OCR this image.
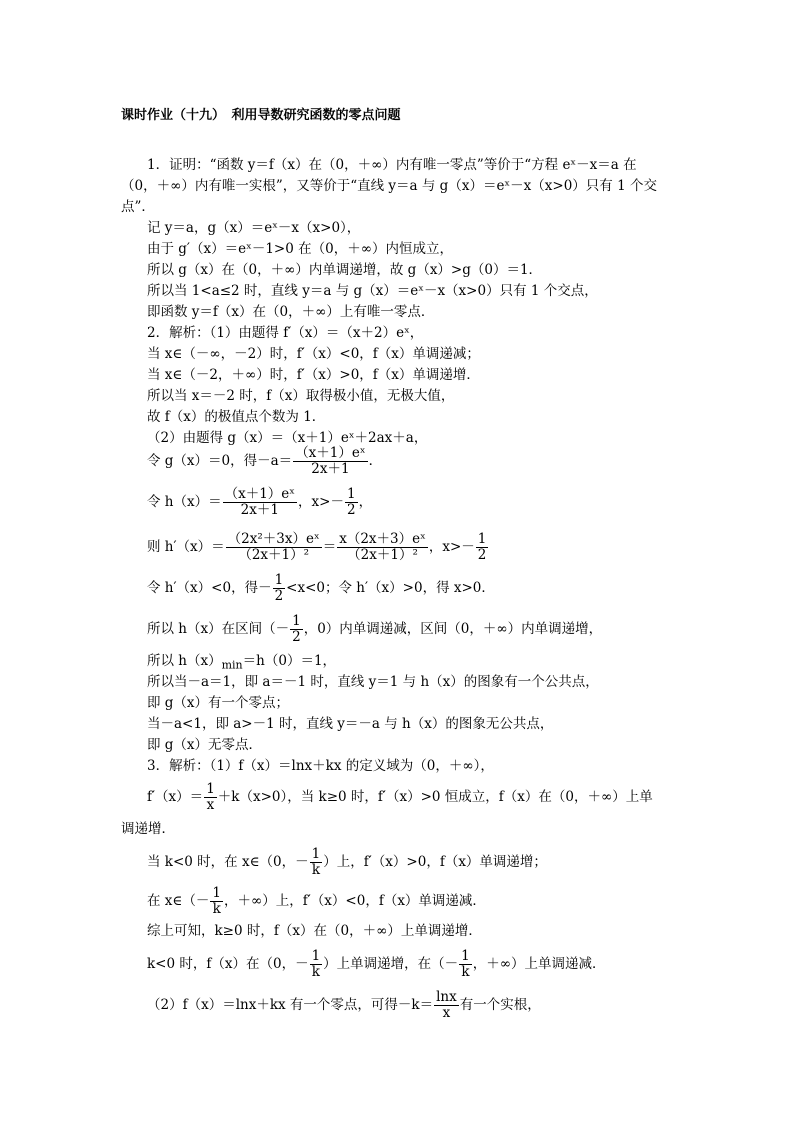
课时作业（十九）　利用导数研究函数的零点问题
1．证明：“函数 y＝f（x）在（0，＋∞）内有唯一零点”等价于“方程 eˣ－x＝a 在
（0，＋∞）内有唯一实根”，又等价于“直线 y＝a 与 g（x）＝eˣ－x（x>0）只有 1 个交
点”．
记 y＝a，g（x）＝eˣ－x（x>0），
由于 g′（x）＝eˣ－1>0 在（0，＋∞）内恒成立，
所以 g（x）在（0，＋∞）内单调递增，故 g（x）>g（0）＝1．
所以当 1<a≤2 时，直线 y＝a 与 g（x）＝eˣ－x（x>0）只有 1 个交点，
即函数 y＝f（x）在（0，＋∞）上有唯一零点．
2．解析：（1）由题得 f′（x）＝（x＋2）eˣ，
当 x∈（－∞，－2）时，f′（x）<0，f（x）单调递减；
当 x∈（－2，＋∞）时，f′（x）>0，f（x）单调递增．
所以当 x＝－2 时，f（x）取得极小值，无极大值，
故 f（x）的极值点个数为 1．
（2）由题得 g（x）＝（x＋1）eˣ＋2ax＋a，
令 g（x）＝0，得$-a= \frac{\text{（x＋1）eˣ}}{2x+1}$ ．
令 $h(x)= \frac{\text{（x＋1）eˣ}}{2x+1}$ ，$x>- \frac{1}{2}$ ，
则 $h'(x)= \frac{\text{（2x²＋3x）eˣ}}{\text{（2x＋1）²}} = \frac{\text{x（2x＋3）eˣ}}{\text{（2x＋1）²}}$ ，$x>- \frac{1}{2}$
令 h′（x）<0，得－ $\frac{1}{2} <x<0$；令 h′（x）>0，得 x>0．
所以 h（x）在区间（－ $\frac{1}{2}$ ，0）内单调递减，区间（0，＋∞）内单调递增，
所以 $h(x)_{min}=h(0)=1$，
所以当－a＝1，即 a＝－1 时，直线 y＝1 与 h（x）的图象有一个公共点，
即 g（x）有一个零点；
当－a<1，即 a>－1 时，直线 y＝－a 与 h（x）的图象无公共点，
即 g（x）无零点．
3．解析：（1）f（x）＝lnx＋kx 的定义域为（0，＋∞），
$f'(x)= \frac{1}{x} +k(x>0)$，当 k≥0 时，f′（x）>0 恒成立，f（x）在（0，＋∞）上单
调递增．
当 k<0 时，在 x∈（0，－ $\frac{1}{k}$ ）上，f′（x）>0，f（x）单调递增；
在 x∈（－ $\frac{1}{k}$ ，＋∞）上，f′（x）<0，f（x）单调递减．
综上可知，k≥0 时，f（x）在（0，＋∞）上单调递增．
k<0 时，f（x）在（0，－ $\frac{1}{k}$ ）上单调递增，在（－ $\frac{1}{k}$ ，＋∞）上单调递减．
（2）f（x）＝lnx＋kx 有一个零点，可得$-k= \frac{\ln x}{x}$ 有一个实根，
